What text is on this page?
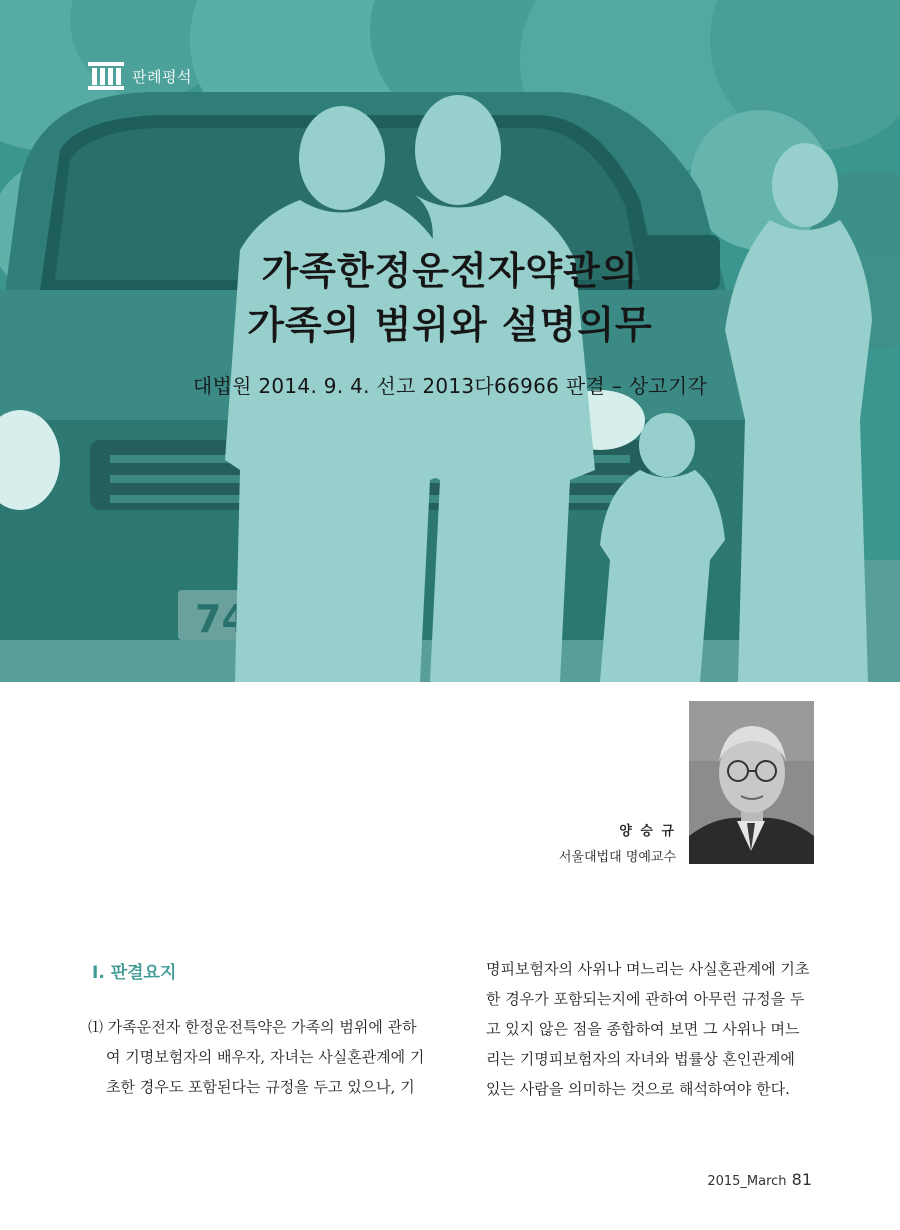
판례평석
가족한정운전자약관의
가족의 범위와 설명의무
대법원 2014. 9. 4. 선고 2013다66966 판결 – 상고기각
양 승 규
서울대법대 명예교수
Ⅰ. 판결요지

⑴ 가족운전자 한정운전특약은 가족의 범위에 관하

여 기명보험자의 배우자, 자녀는 사실혼관계에 기

초한 경우도 포함된다는 규정을 두고 있으나, 기

명피보험자의 사위나 며느리는 사실혼관계에 기초

한 경우가 포함되는지에 관하여 아무런 규정을 두

고 있지 않은 점을 종합하여 보면 그 사위나 며느

리는 기명피보험자의 자녀와 법률상 혼인관계에

있는 사람을 의미하는 것으로 해석하여야 한다.

2015_March 81
